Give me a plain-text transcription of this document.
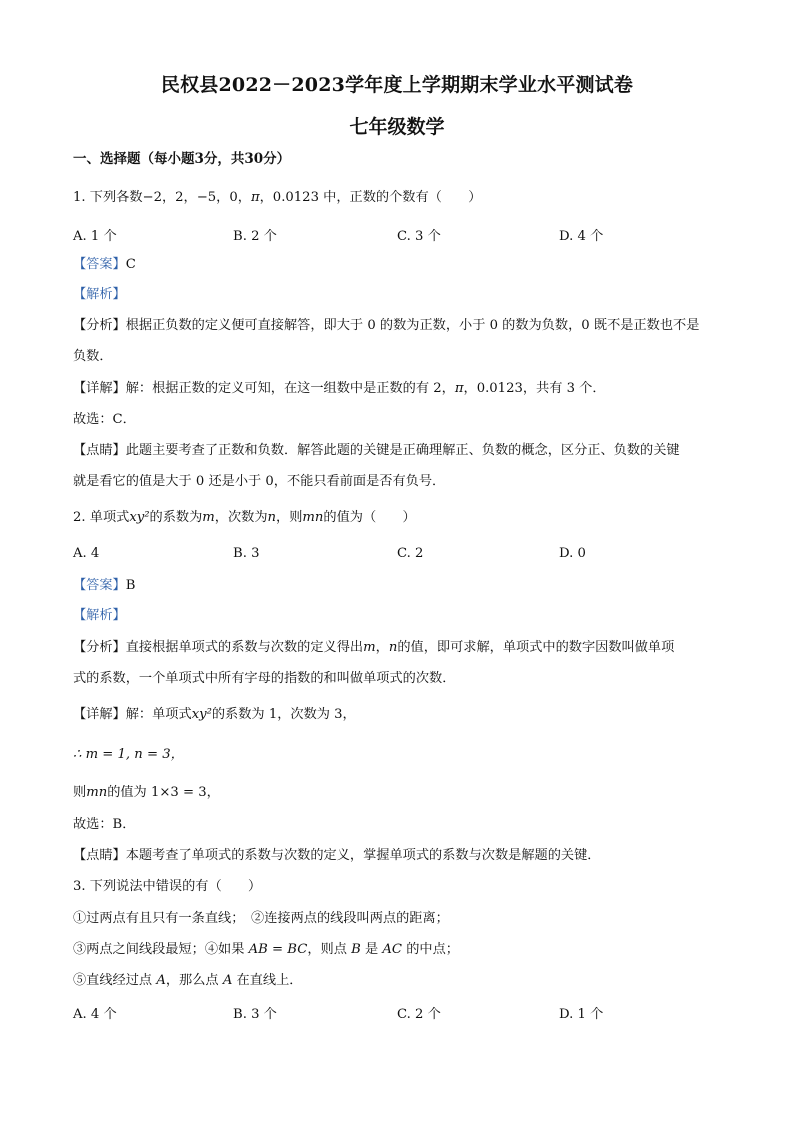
民权县2022－2023学年度上学期期末学业水平测试卷
七年级数学
一、选择题（每小题3分，共30分）
1. 下列各数−2，2，−5，0，π，0.0123 中，正数的个数有（　　）
A. 1 个	B. 2 个	C. 3 个	D. 4 个
【答案】C
【解析】
【分析】根据正负数的定义便可直接解答，即大于 0 的数为正数，小于 0 的数为负数，0 既不是正数也不是
负数．
【详解】解：根据正数的定义可知，在这一组数中是正数的有 2，π，0.0123，共有 3 个．
故选：C．
【点睛】此题主要考查了正数和负数．解答此题的关键是正确理解正、负数的概念，区分正、负数的关键
就是看它的值是大于 0 还是小于 0，不能只看前面是否有负号．
2. 单项式xy²的系数为m，次数为n，则mn的值为（　　）
A. 4	B. 3	C. 2	D. 0
【答案】B
【解析】
【分析】直接根据单项式的系数与次数的定义得出m，n的值，即可求解，单项式中的数字因数叫做单项
式的系数，一个单项式中所有字母的指数的和叫做单项式的次数．
【详解】解：单项式xy²的系数为 1，次数为 3，
∴ m = 1, n = 3，
则mn的值为 1×3 = 3，
故选：B．
【点睛】本题考查了单项式的系数与次数的定义，掌握单项式的系数与次数是解题的关键．
3. 下列说法中错误的有（　　）
①过两点有且只有一条直线；　②连接两点的线段叫两点的距离；
③两点之间线段最短；④如果 AB = BC，则点 B 是 AC 的中点；
⑤直线经过点 A，那么点 A 在直线上．
A. 4 个	B. 3 个	C. 2 个	D. 1 个
